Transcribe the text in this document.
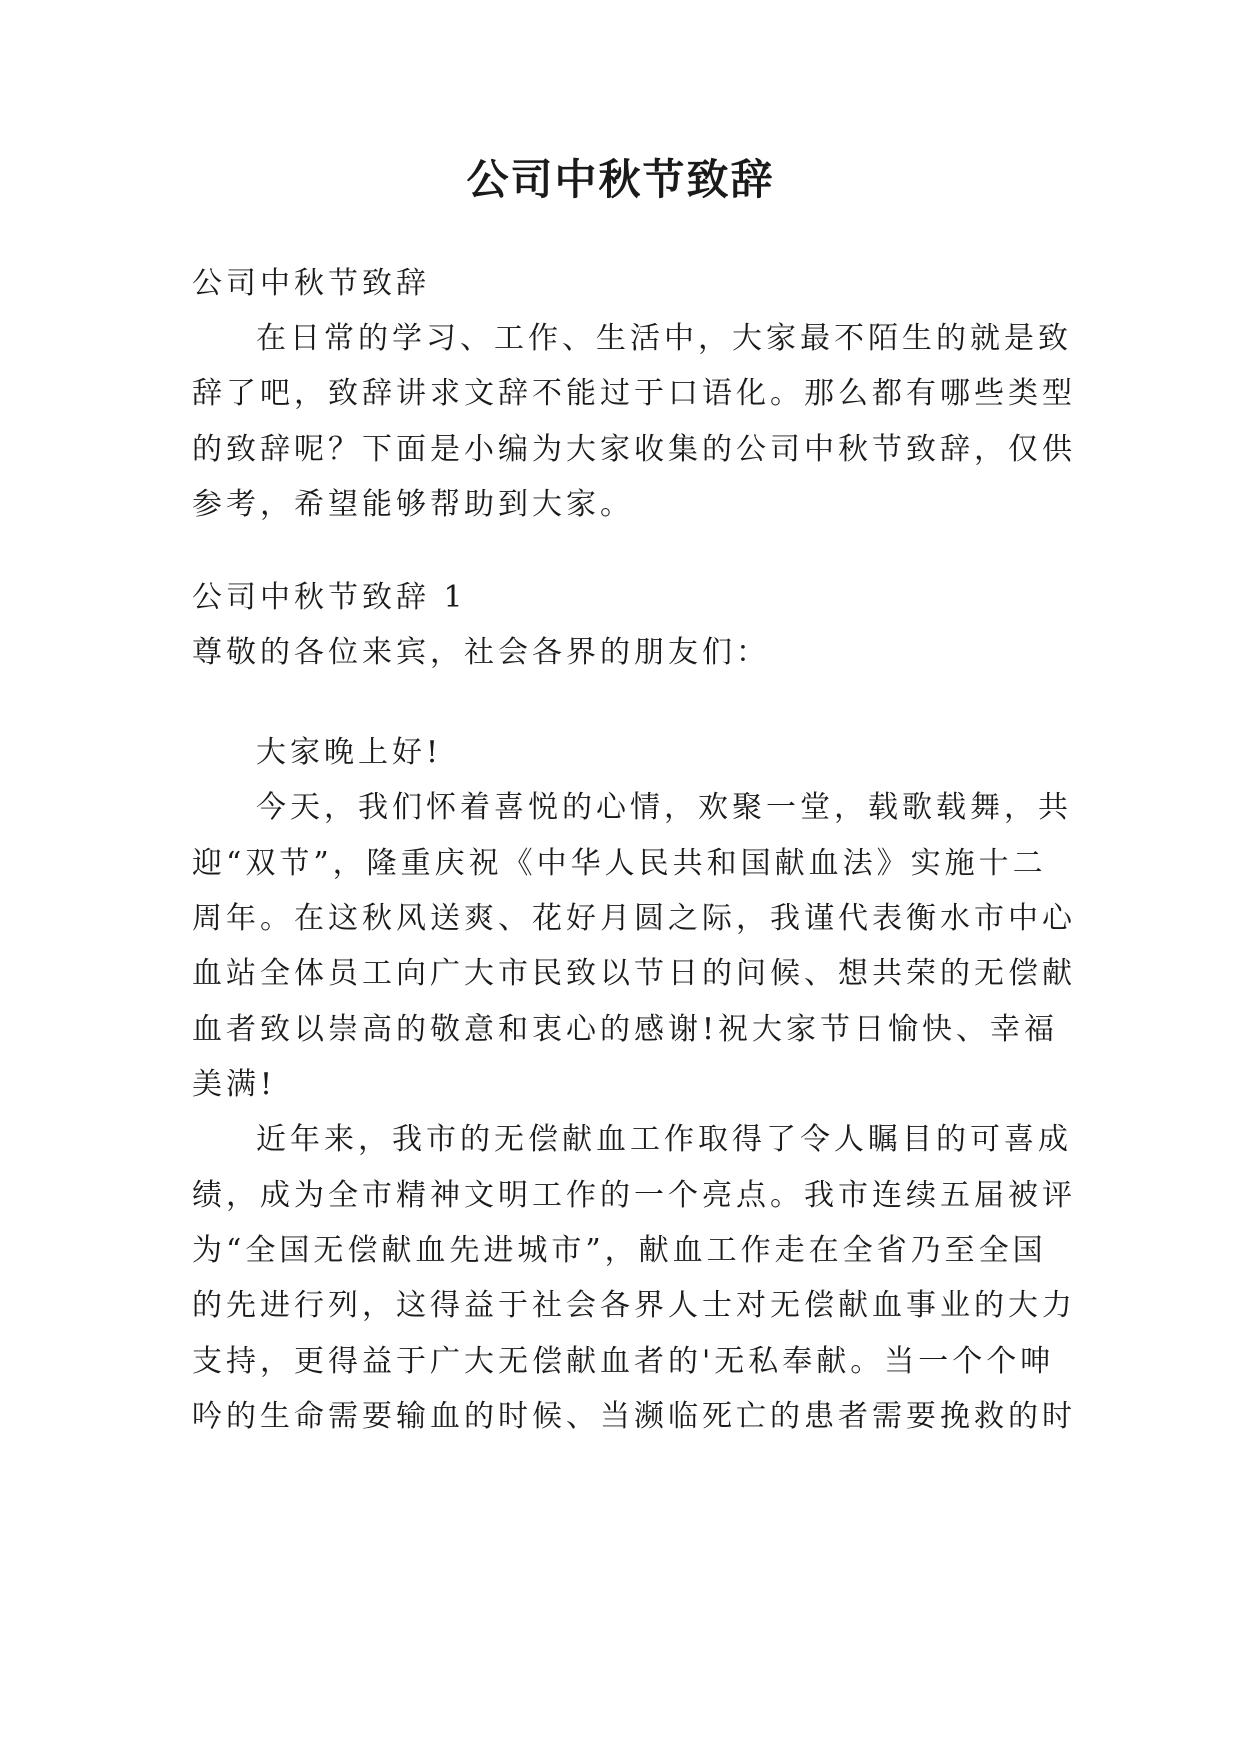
公司中秋节致辞

公司中秋节致辞

在日常的学习、工作、生活中，大家最不陌生的就是致

辞了吧，致辞讲求文辞不能过于口语化。那么都有哪些类型

的致辞呢？下面是小编为大家收集的公司中秋节致辞，仅供

参考，希望能够帮助到大家。

公司中秋节致辞 1

尊敬的各位来宾，社会各界的朋友们：

大家晚上好!

今天，我们怀着喜悦的心情，欢聚一堂，载歌载舞，共

迎“双节”，隆重庆祝《中华人民共和国献血法》实施十二

周年。在这秋风送爽、花好月圆之际，我谨代表衡水市中心

血站全体员工向广大市民致以节日的问候、想共荣的无偿献

血者致以崇高的敬意和衷心的感谢!祝大家节日愉快、幸福

美满!

近年来，我市的无偿献血工作取得了令人瞩目的可喜成

绩，成为全市精神文明工作的一个亮点。我市连续五届被评

为“全国无偿献血先进城市”，献血工作走在全省乃至全国

的先进行列，这得益于社会各界人士对无偿献血事业的大力

支持，更得益于广大无偿献血者的'无私奉献。当一个个呻

吟的生命需要输血的时候、当濒临死亡的患者需要挽救的时
